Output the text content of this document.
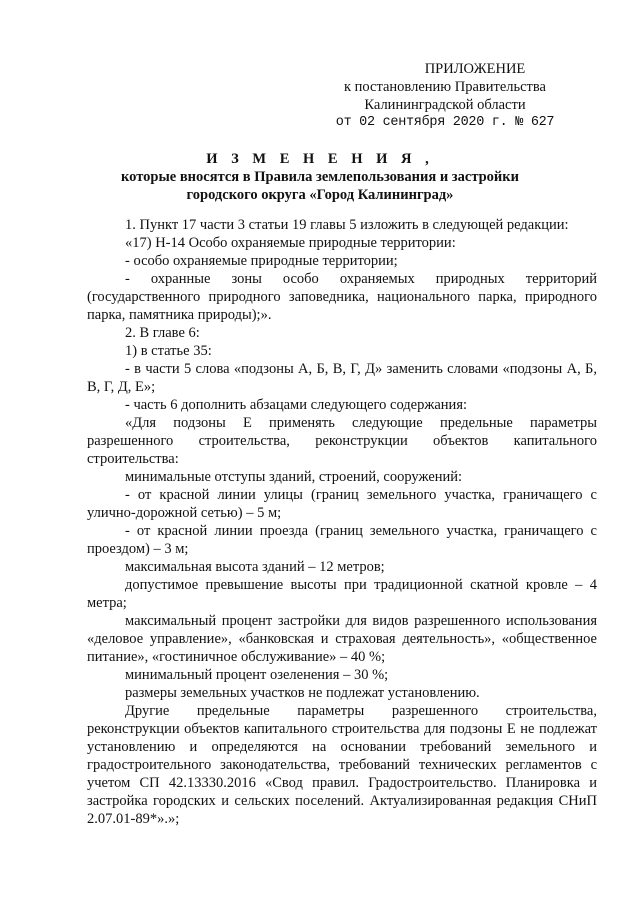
ПРИЛОЖЕНИЕ
к постановлению Правительства
Калининградской области
от 02 сентября 2020 г. № 627
И З М Е Н Е Н И Я ,
которые вносятся в Правила землепользования и застройки
городского округа «Город Калининград»

1. Пункт 17 части 3 статьи 19 главы 5 изложить в следующей редакции:

«17) Н-14 Особо охраняемые природные территории:

- особо охраняемые природные территории;

- охранные зоны особо охраняемых природных территорий (государственного природного заповедника, национального парка, природного парка, памятника природы);».

2. В главе 6:

1) в статье 35:

- в части 5 слова «подзоны А, Б, В, Г, Д» заменить словами «подзоны А, Б, В, Г, Д, Е»;

- часть 6 дополнить абзацами следующего содержания:

«Для подзоны Е применять следующие предельные параметры разрешенного строительства, реконструкции объектов капитального строительства:

минимальные отступы зданий, строений, сооружений:

- от красной линии улицы (границ земельного участка, граничащего с улично-дорожной сетью) – 5 м;

- от красной линии проезда (границ земельного участка, граничащего с проездом) – 3 м;

максимальная высота зданий – 12 метров;

допустимое превышение высоты при традиционной скатной кровле – 4 метра;

максимальный процент застройки для видов разрешенного использования «деловое управление», «банковская и страховая деятельность», «общественное питание», «гостиничное обслуживание» – 40 %;

минимальный процент озеленения – 30 %;

размеры земельных участков не подлежат установлению.

Другие предельные параметры разрешенного строительства, реконструкции объектов капитального строительства для подзоны Е не подлежат установлению и определяются на основании требований земельного и градостроительного законодательства, требований технических регламентов с учетом СП 42.13330.2016 «Свод правил. Градостроительство. Планировка и застройка городских и сельских поселений. Актуализированная редакция СНиП 2.07.01-89*».»;
